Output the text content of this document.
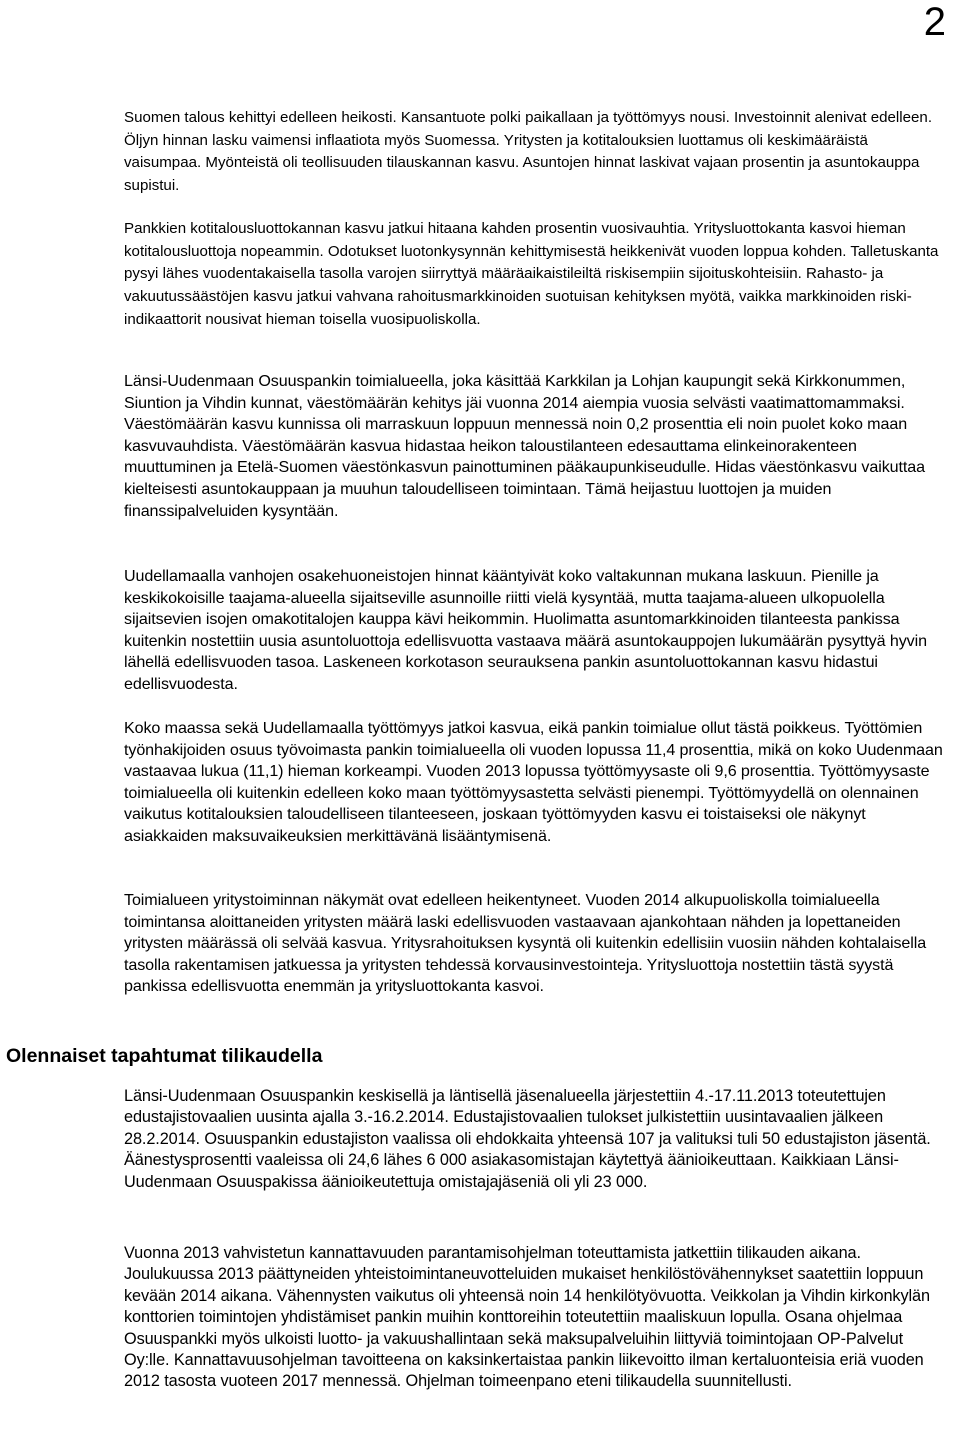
2

Suomen talous kehittyi edelleen heikosti. Kansantuote polki paikallaan ja työttömyys nousi. Investoinnit alenivat edelleen. Öljyn hinnan lasku vaimensi inflaatiota myös Suomessa. Yritysten ja kotitalouksien luottamus oli keskimääräistä vaisumpaa. Myönteistä oli teollisuuden tilauskannan kasvu. Asuntojen hinnat laskivat vajaan prosentin ja asuntokauppa supistui.

Pankkien kotitalousluottokannan kasvu jatkui hitaana kahden prosentin vuosivauhtia. Yritysluottokanta kasvoi hieman kotitalousluottoja nopeammin. Odotukset luotonkysynnän kehittymisestä heikkenivät vuoden loppua kohden. Talletuskanta pysyi lähes vuodentakaisella tasolla varojen siirryttyä määräaikaistileiltä riskisempiin sijoituskohteisiin. Rahasto- ja vakuutussäästöjen kasvu jatkui vahvana rahoitusmarkkinoiden suotuisan kehityksen myötä, vaikka markkinoiden riski-indikaattorit nousivat hieman toisella vuosipuoliskolla.

Länsi-Uudenmaan Osuuspankin toimialueella, joka käsittää Karkkilan ja Lohjan kaupungit sekä Kirkkonummen, Siuntion ja Vihdin kunnat, väestömäärän kehitys jäi vuonna 2014 aiempia vuosia selvästi vaatimattomammaksi. Väestömäärän kasvu kunnissa oli marraskuun loppuun mennessä noin 0,2 prosenttia eli noin puolet koko maan kasvuvauhdista. Väestömäärän kasvua hidastaa heikon taloustilanteen edesauttama elinkeinorakenteen muuttuminen ja Etelä-Suomen väestönkasvun painottuminen pääkaupunkiseudulle. Hidas väestönkasvu vaikuttaa kielteisesti asuntokauppaan ja muuhun taloudelliseen toimintaan. Tämä heijastuu luottojen ja muiden finanssipalveluiden kysyntään.

Uudellamaalla vanhojen osakehuoneistojen hinnat kääntyivät koko valtakunnan mukana laskuun. Pienille ja keskikokoisille taajama-alueella sijaitseville asunnoille riitti vielä kysyntää, mutta taajama-alueen ulkopuolella sijaitsevien isojen omakotitalojen kauppa kävi heikommin. Huolimatta asuntomarkkinoiden tilanteesta pankissa kuitenkin nostettiin uusia asuntoluottoja edellisvuotta vastaava määrä asuntokauppojen lukumäärän pysyttyä hyvin lähellä edellisvuoden tasoa. Laskeneen korkotason seurauksena pankin asuntoluottokannan kasvu hidastui edellisvuodesta.

Koko maassa sekä Uudellamaalla työttömyys jatkoi kasvua, eikä pankin toimialue ollut tästä poikkeus. Työttömien työnhakijoiden osuus työvoimasta pankin toimialueella oli vuoden lopussa 11,4 prosenttia, mikä on koko Uudenmaan vastaavaa lukua (11,1) hieman korkeampi. Vuoden 2013 lopussa työttömyysaste oli 9,6 prosenttia. Työttömyysaste toimialueella oli kuitenkin edelleen koko maan työttömyysastetta selvästi pienempi. Työttömyydellä on olennainen vaikutus kotitalouksien taloudelliseen tilanteeseen, joskaan työttömyyden kasvu ei toistaiseksi ole näkynyt asiakkaiden maksuvaikeuksien merkittävänä lisääntymisenä.

Toimialueen yritystoiminnan näkymät ovat edelleen heikentyneet. Vuoden 2014 alkupuoliskolla toimialueella toimintansa aloittaneiden yritysten määrä laski edellisvuoden vastaavaan ajankohtaan nähden ja lopettaneiden yritysten määrässä oli selvää kasvua. Yritysrahoituksen kysyntä oli kuitenkin edellisiin vuosiin nähden kohtalaisella tasolla rakentamisen jatkuessa ja yritysten tehdessä korvausinvestointeja. Yritysluottoja nostettiin tästä syystä pankissa edellisvuotta enemmän ja yritysluottokanta kasvoi.

Olennaiset tapahtumat tilikaudella

Länsi-Uudenmaan Osuuspankin keskisellä ja läntisellä jäsenalueella järjestettiin 4.-17.11.2013 toteutettujen edustajistovaalien uusinta ajalla 3.-16.2.2014. Edustajistovaalien tulokset julkistettiin uusintavaalien jälkeen 28.2.2014. Osuuspankin edustajiston vaalissa oli ehdokkaita yhteensä 107 ja valituksi tuli 50 edustajiston jäsentä. Äänestysprosentti vaaleissa oli 24,6 lähes 6 000 asiakasomistajan käytettyä äänioikeuttaan. Kaikkiaan Länsi-Uudenmaan Osuuspakissa äänioikeutettuja omistajajäseniä oli yli 23 000.

Vuonna 2013 vahvistetun kannattavuuden parantamisohjelman toteuttamista jatkettiin tilikauden aikana. Joulukuussa 2013 päättyneiden yhteistoimintaneuvotteluiden mukaiset henkilöstövähennykset saatettiin loppuun kevään 2014 aikana. Vähennysten vaikutus oli yhteensä noin 14 henkilötyövuotta. Veikkolan ja Vihdin kirkonkylän konttorien toimintojen yhdistämiset pankin muihin konttoreihin toteutettiin maaliskuun lopulla. Osana ohjelmaa Osuuspankki myös ulkoisti luotto- ja vakuushallintaan sekä maksupalveluihin liittyviä toimintojaan OP-Palvelut Oy:lle. Kannattavuusohjelman tavoitteena on kaksinkertaistaa pankin liikevoitto ilman kertaluonteisia eriä vuoden 2012 tasosta vuoteen 2017 mennessä. Ohjelman toimeenpano eteni tilikaudella suunnitellusti.
